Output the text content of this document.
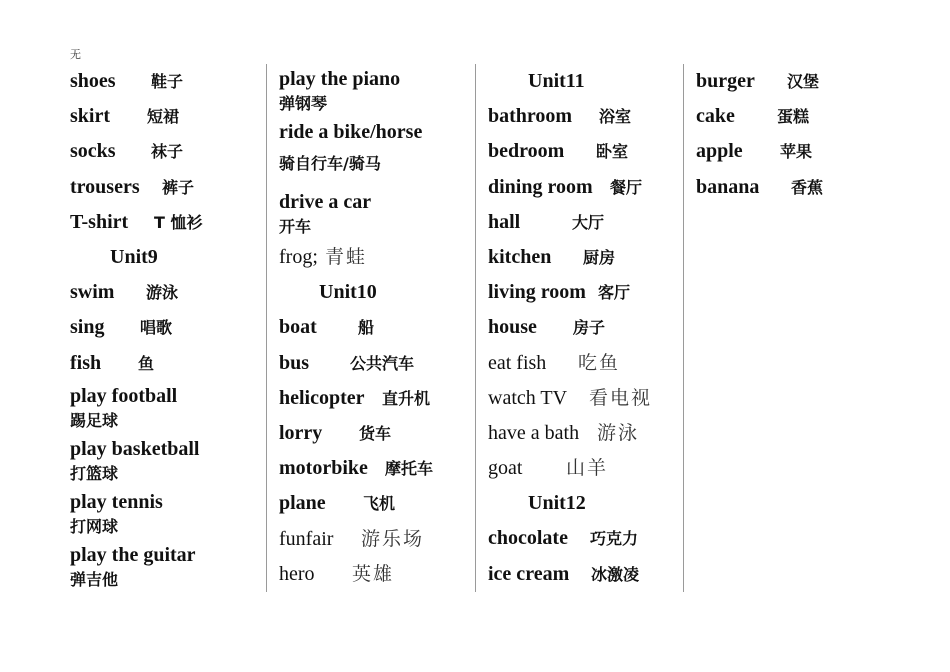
无
shoes	鞋子
skirt	短裙
socks	袜子
trousers	裤子
T-shirt	T 恤衫
Unit9
swim	游泳
sing	唱歌
fish	鱼
play football
踢足球
play basketball
打篮球
play tennis
打网球
play the guitar
弹吉他
play the piano
弹钢琴
ride a bike/horse
骑自行车/骑马
drive a car
开车
frog; 青蛙
Unit10
boat	船
bus	公共汽车
helicopter	直升机
lorry	货车
motorbike	摩托车
plane	飞机
funfair	游乐场
hero	英雄
Unit11
bathroom	浴室
bedroom	卧室
dining room	餐厅
hall	大厅
kitchen	厨房
living room 客厅
house	房子
eat fish	吃鱼
watch TV	看电视
have a bath 游泳
goat	山羊
Unit12
chocolate	巧克力
ice cream	冰激凌
burger	汉堡
cake	蛋糕
apple	苹果
banana	香蕉
